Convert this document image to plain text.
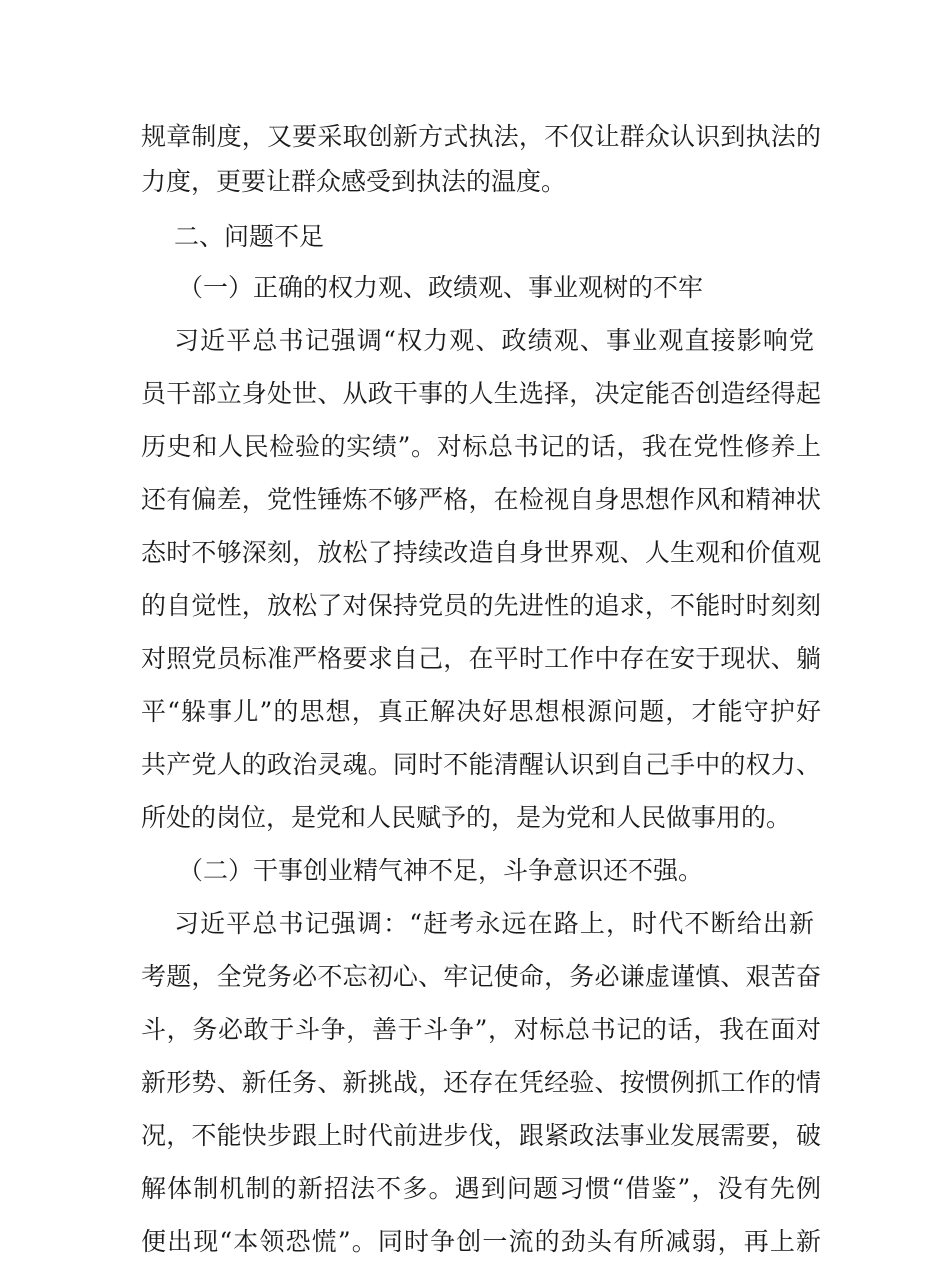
规章制度，又要采取创新方式执法，不仅让群众认识到执法的
力度，更要让群众感受到执法的温度。
二、问题不足
（一）正确的权力观、政绩观、事业观树的不牢
习近平总书记强调“权力观、政绩观、事业观直接影响党
员干部立身处世、从政干事的人生选择，决定能否创造经得起
历史和人民检验的实绩”。对标总书记的话，我在党性修养上
还有偏差，党性锤炼不够严格，在检视自身思想作风和精神状
态时不够深刻，放松了持续改造自身世界观、人生观和价值观
的自觉性，放松了对保持党员的先进性的追求，不能时时刻刻
对照党员标准严格要求自己，在平时工作中存在安于现状、躺
平“躲事儿”的思想，真正解决好思想根源问题，才能守护好
共产党人的政治灵魂。同时不能清醒认识到自己手中的权力、
所处的岗位，是党和人民赋予的，是为党和人民做事用的。
（二）干事创业精气神不足，斗争意识还不强。
习近平总书记强调：“赶考永远在路上，时代不断给出新
考题，全党务必不忘初心、牢记使命，务必谦虚谨慎、艰苦奋
斗，务必敢于斗争，善于斗争”，对标总书记的话，我在面对
新形势、新任务、新挑战，还存在凭经验、按惯例抓工作的情
况，不能快步跟上时代前进步伐，跟紧政法事业发展需要，破
解体制机制的新招法不多。遇到问题习惯“借鉴”，没有先例
便出现“本领恐慌”。同时争创一流的劲头有所减弱，再上新
